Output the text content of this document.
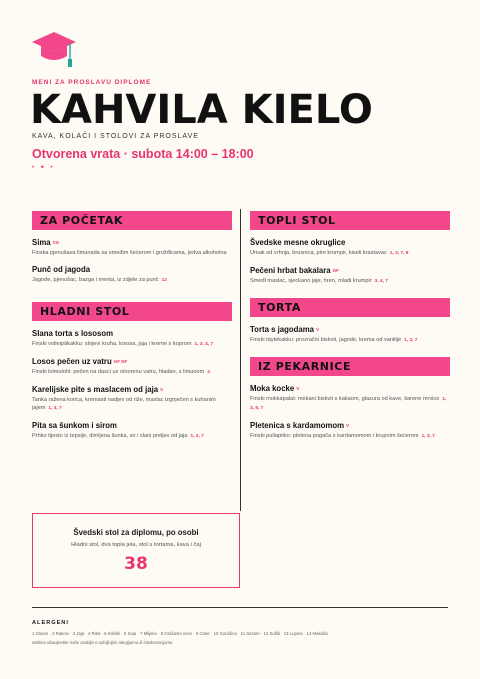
MENI ZA PROSLAVU DIPLOME
KAHVILA KIELO
KAVA, KOLAČI I STOLOVI ZA PROSLAVE
Otvorena vrata · subota 14:00 – 18:00
• ✦ •
ZA POČETAK
Sima VG
Finska pjenušava limunada sa smeđim šećerom i grožđicama, jedva alkoholna
Punč od jagoda
Jagode, pjenušac, bazga i menta, iz zdjele za punč 12
HLADNI STOL
Slana torta s lososom
Finski voileipäkakku: slojevi kruha, lososa, jaja i kreme s koprom 1, 3, 4, 7
Losos pečen uz vatru GF DF
Finski loimulohi: pečen na dasci uz otvorenu vatru, hladan, s limunom 4
Karelijske pite s maslacem od jaja V
Tanka ražena korica, kremasti nadjev od riže, maslac izgnječen s kuhanim jajem 1, 3, 7
Pita sa šunkom i sirom
Prhko tijesto iz tepsije, dimljena šunka, sir i slani preljev od jaja 1, 3, 7
TOPLI STOL
Švedske mesne okruglice
Umak od vrhnja, brusnica, pire krumpir, kiseli krastavac 1, 3, 7, 9
Pečeni hrbat bakalara GF
Smeđi maslac, sjeckano jaje, hren, mladi krumpir 3, 4, 7
TORTA
Torta s jagodama V
Finski täytekakku: prozračni biskvit, jagode, krema od vanilije 1, 3, 7
IZ PEKARNICE
Moka kocke V
Finski mokkapalat: mekani biskvit s kakaom, glazura od kave, šarene mrvice 1, 3, 6, 7
Pletenica s kardamomom V
Finski pullapitko: pletena pogača s kardamomom i krupnim šećerom 1, 3, 7
Švedski stol za diplomu, po osobi
Hladni stol, dva topla jela, stol s tortama, kava i čaj
38
ALERGENI
1 Gluten · 2 Rakovi · 3 Jaja · 4 Riba · 5 Kikiriki · 6 Soja · 7 Mlijeko · 8 Orašasto voće · 9 Celer · 10 Gorušica · 11 Sezam · 12 Sulfiti · 13 Lupina · 14 Mekušci
Molimo obavijestite naše osoblje o ozbiljnijim alergijama ili intolerancijama
